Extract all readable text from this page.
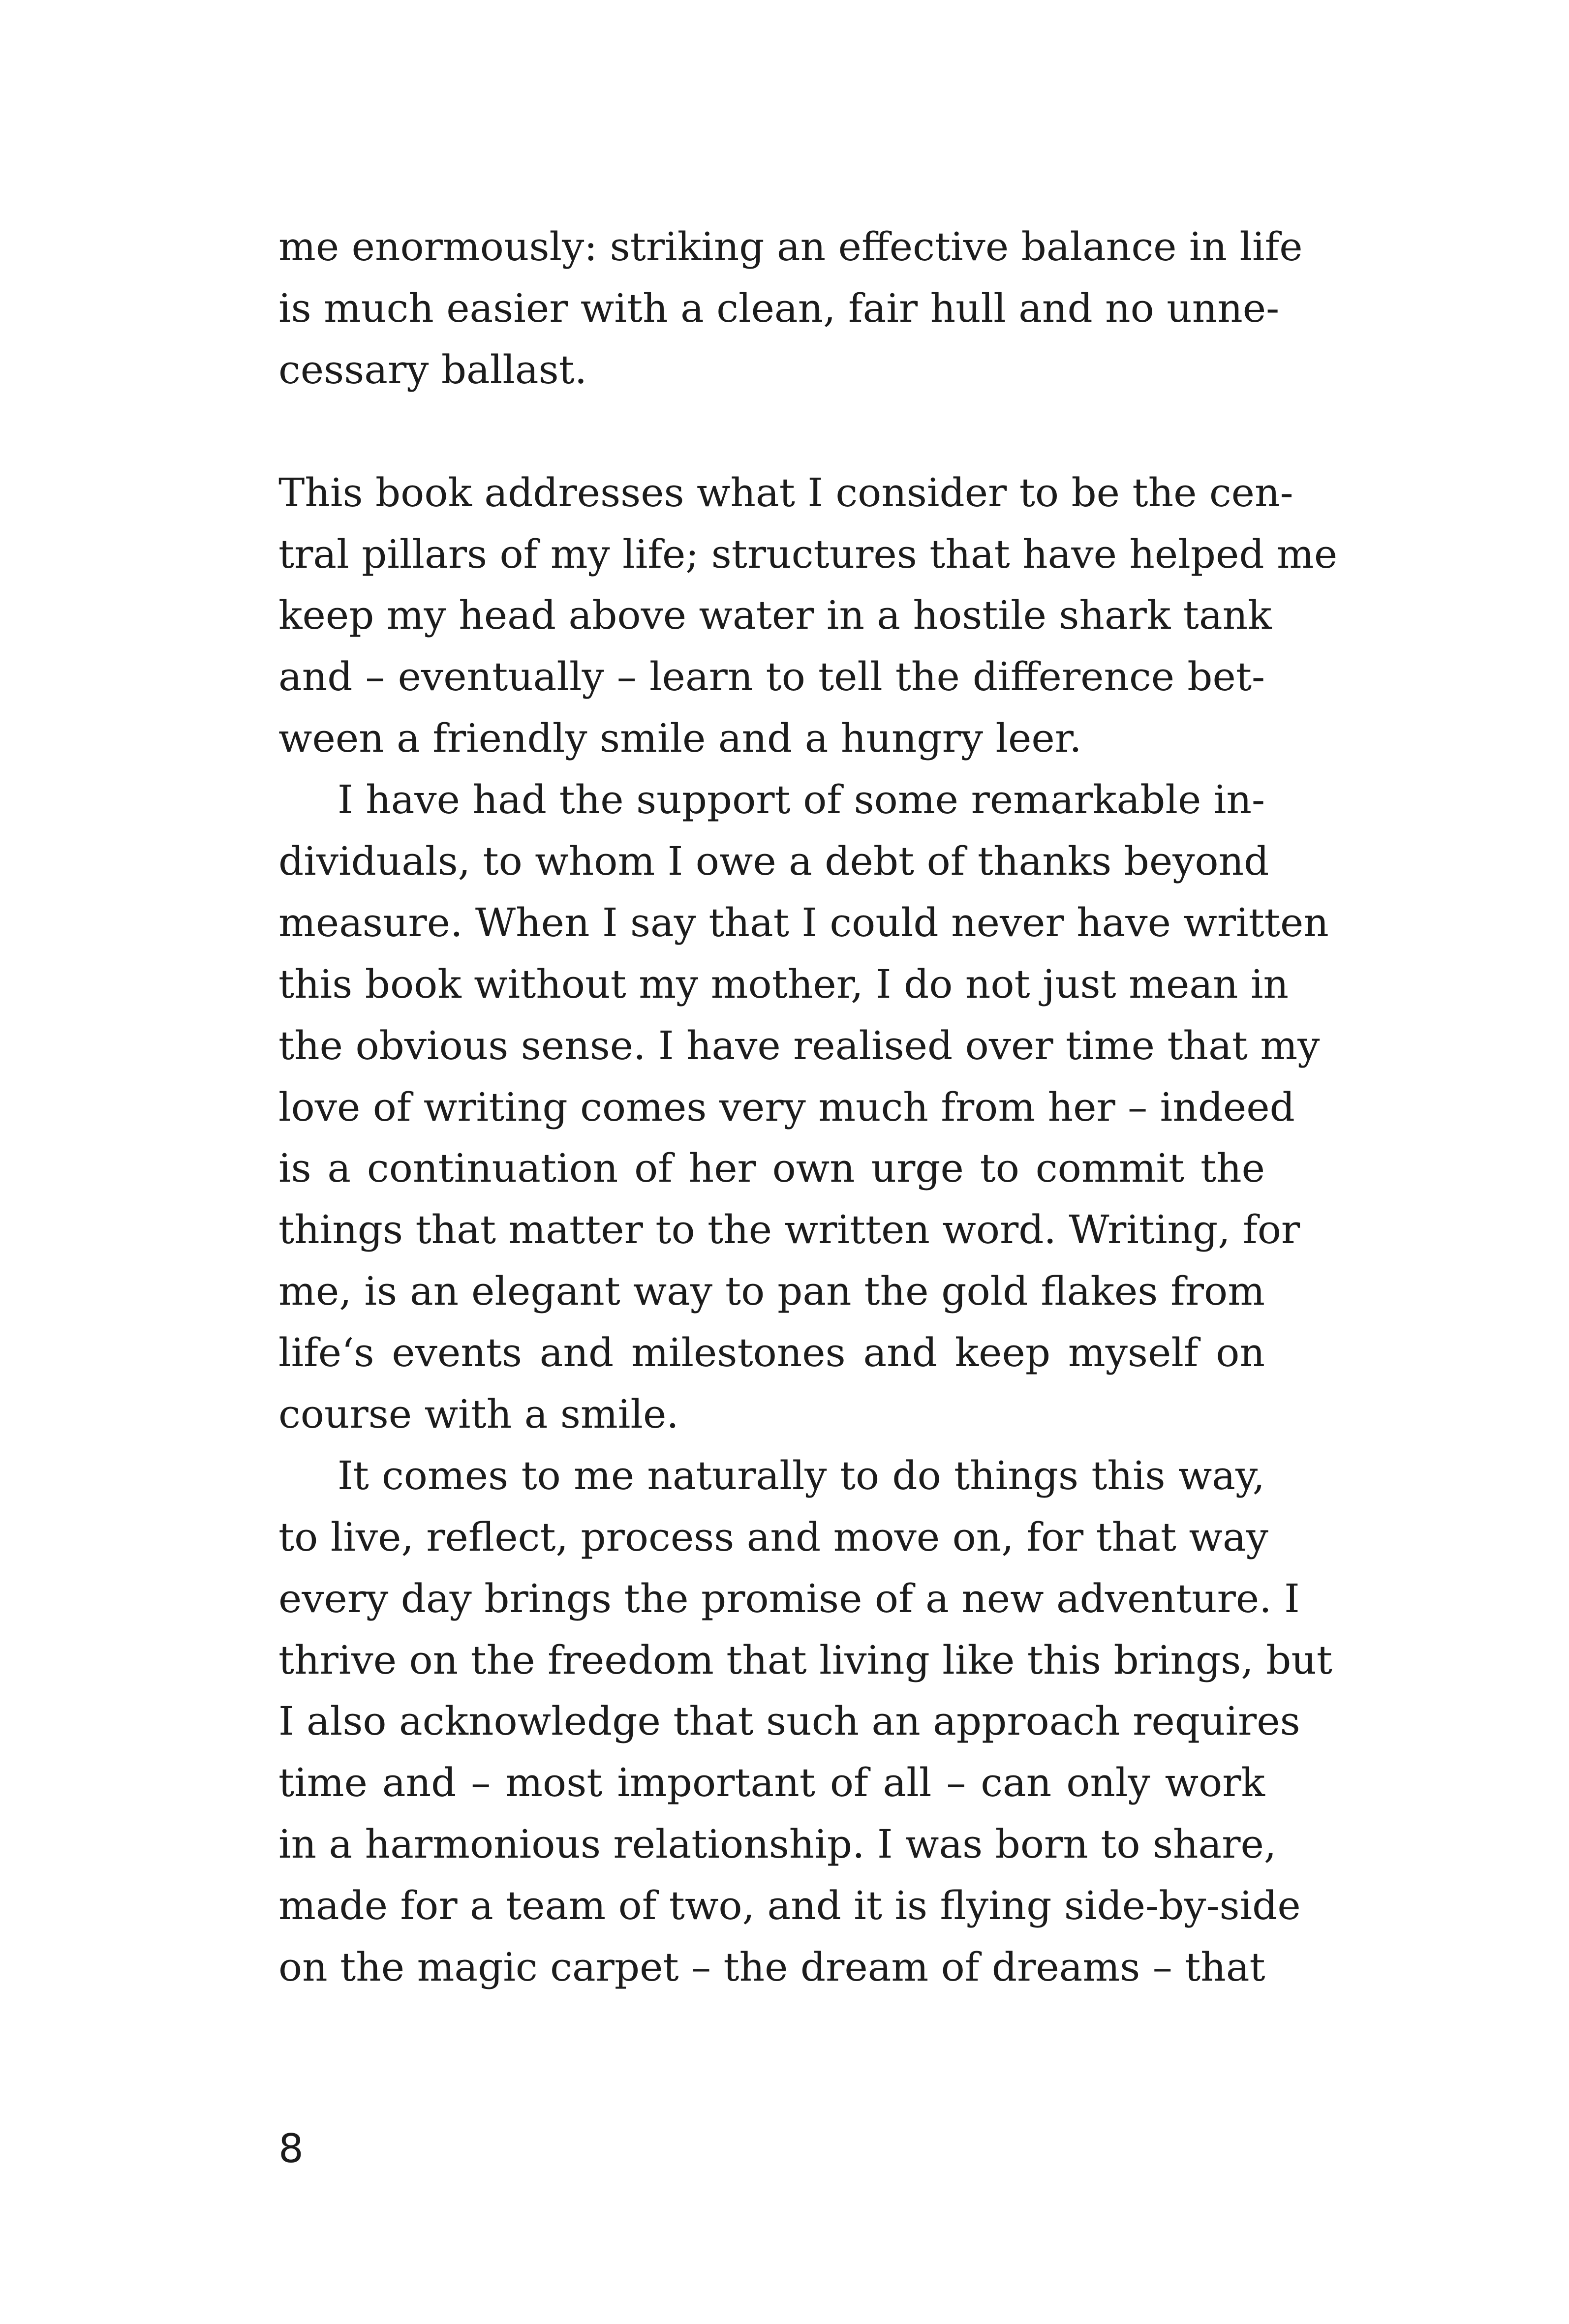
me enormously: striking an effective balance in life
is much easier with a clean, fair hull and no unne-
cessary ballast.
This book addresses what I consider to be the cen-
tral pillars of my life; structures that have helped me
keep my head above water in a hostile shark tank
and – eventually – learn to tell the difference bet-
ween a friendly smile and a hungry leer.
I have had the support of some remarkable in-
dividuals, to whom I owe a debt of thanks beyond
measure. When I say that I could never have written
this book without my mother, I do not just mean in
the obvious sense. I have realised over time that my
love of writing comes very much from her – indeed
is a continuation of her own urge to commit the
things that matter to the written word. Writing, for
me, is an elegant way to pan the gold flakes from
life‘s events and milestones and keep myself on
course with a smile.
It comes to me naturally to do things this way,
to live, reflect, process and move on, for that way
every day brings the promise of a new adventure. I
thrive on the freedom that living like this brings, but
I also acknowledge that such an approach requires
time and – most important of all – can only work
in a harmonious relationship. I was born to share,
made for a team of two, and it is flying side-by-side
on the magic carpet – the dream of dreams – that
8
